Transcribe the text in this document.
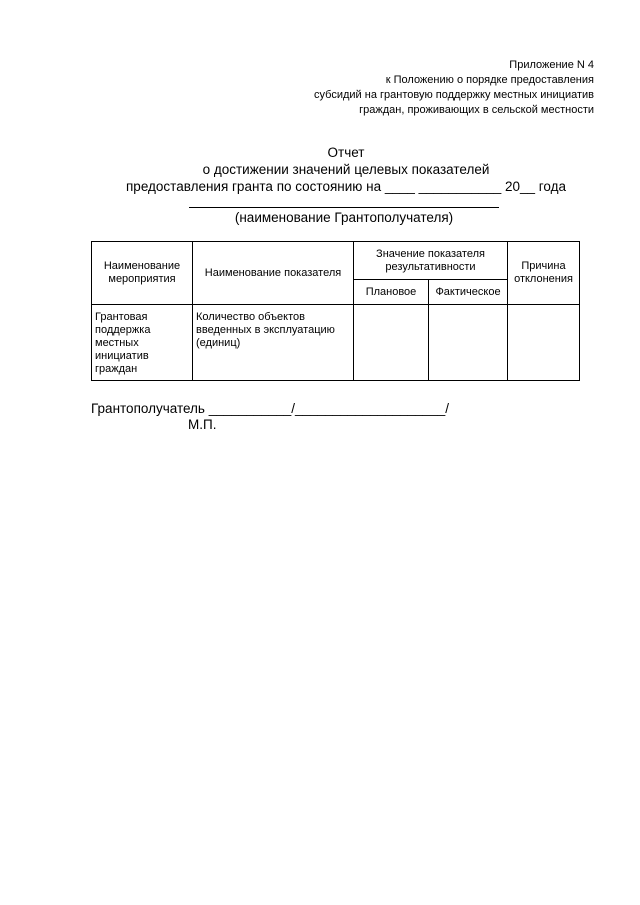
Приложение N 4
к Положению о порядке предоставления
субсидий на грантовую поддержку местных инициатив
граждан, проживающих в сельской местности
Отчет
о достижении значений целевых показателей
предоставления гранта по состоянию на ____ ___________ 20__ года
(наименование Грантополучателя)
Наименование мероприятия	Наименование показателя	Значение показателя результативности		Причина отклонения
		Плановое	Фактическое	
Грантовая поддержка местных инициатив граждан	Количество объектов введенных в эксплуатацию (единиц)			
Грантополучатель ___________/____________________/
М.П.
